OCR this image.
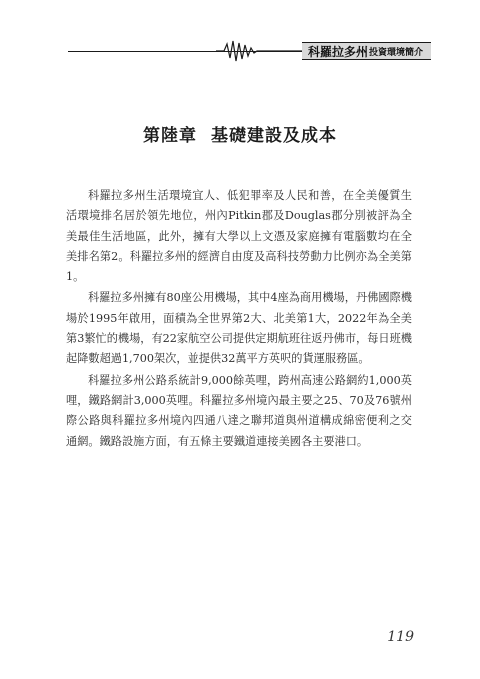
科羅拉多州 投資環境簡介
第陸章 基礎建設及成本

科羅拉多州生活環境宜人、低犯罪率及人民和善，在全美優質生活環境排名居於領先地位，州內Pitkin郡及Douglas郡分別被評為全美最佳生活地區，此外，擁有大學以上文憑及家庭擁有電腦數均在全美排名第2。科羅拉多州的經濟自由度及高科技勞動力比例亦為全美第1。

科羅拉多州擁有80座公用機場，其中4座為商用機場，丹佛國際機場於1995年啟用，面積為全世界第2大、北美第1大，2022年為全美第3繁忙的機場，有22家航空公司提供定期航班往返丹佛市，每日班機起降數超過1,700架次，並提供32萬平方英呎的貨運服務區。

科羅拉多州公路系統計9,000餘英哩，跨州高速公路網約1,000英哩，鐵路網計3,000英哩。科羅拉多州境內最主要之25、70及76號州際公路與科羅拉多州境內四通八達之聯邦道與州道構成綿密便利之交通網。鐵路設施方面，有五條主要鐵道連接美國各主要港口。

119
